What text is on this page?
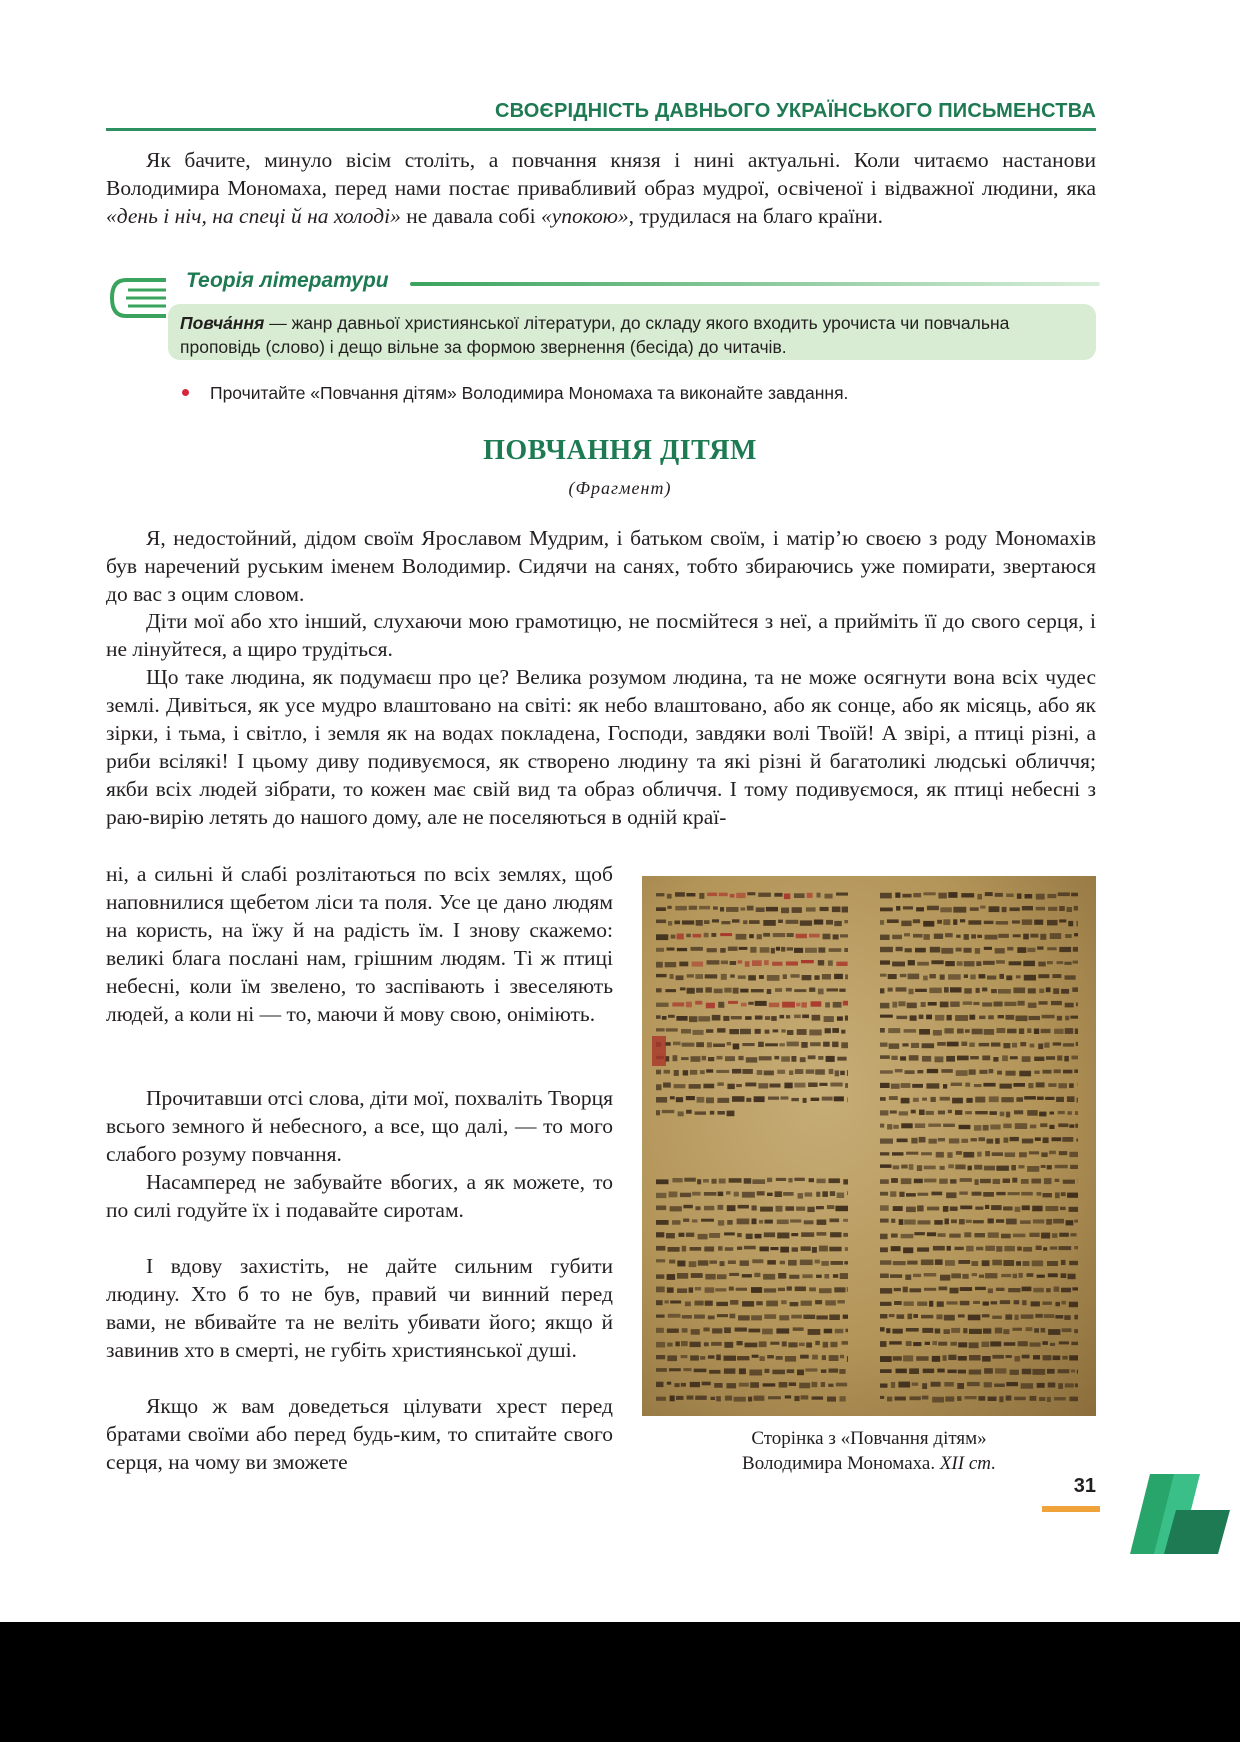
СВОЄРІДНІСТЬ ДАВНЬОГО УКРАЇНСЬКОГО ПИСЬМЕНСТВА

Як бачите, минуло вісім століть, а повчання князя і нині актуальні. Коли читаємо настанови Володимира Мономаха, перед нами постає привабливий образ мудрої, освіченої і відважної людини, яка «день і ніч, на спеці й на холоді» не давала собі «упокою», трудилася на благо країни.

Теорія літератури
Повча́ння — жанр давньої християнської літератури, до складу якого входить урочиста чи повчальна проповідь (слово) і дещо вільне за формою звернення (бесіда) до читачів.
Прочитайте «Повчання дітям» Володимира Мономаха та виконайте завдання.
ПОВЧАННЯ ДІТЯМ
(Фрагмент)

Я, недостойний, дідом своїм Ярославом Мудрим, і батьком своїм, і матір’ю своєю з роду Мономахів був наречений руським іменем Володимир. Сидячи на санях, тобто збираючись уже помирати, звертаюся до вас з оцим словом.

Діти мої або хто інший, слухаючи мою грамотицю, не посмійтеся з неї, а прийміть її до свого серця, і не лінуйтеся, а щиро трудіться.

Що таке людина, як подумаєш про це? Велика розумом людина, та не може осягнути вона всіх чудес землі. Дивіться, як усе мудро влаштовано на світі: як небо влаштовано, або як сонце, або як місяць, або як зірки, і тьма, і світло, і земля як на водах покладена, Господи, завдяки волі Твоїй! А звірі, а птиці різні, а риби всілякі! І цьому диву подивуємося, як створено людину та які різні й багатоликі людські обличчя; якби всіх людей зібрати, то кожен має свій вид та образ обличчя. І тому подивуємося, як птиці небесні з раю-вирію летять до нашого дому, але не поселяються в одній краї-

ні, а сильні й слабі розлітаються по всіх землях, щоб наповнилися щебетом ліси та поля. Усе це дано людям на користь, на їжу й на радість їм. І знову скажемо: великі блага послані нам, грішним людям. Ті ж птиці небесні, коли їм звелено, то заспівають і звеселяють людей, а коли ні — то, маючи й мову свою, оніміють.

Прочитавши отсі слова, діти мої, похваліть Творця всього земного й небесного, а все, що далі, — то мого слабого розуму повчання.

Насамперед не забувайте вбогих, а як можете, то по силі годуйте їх і подавайте сиротам.

І вдову захистіть, не дайте сильним губити людину. Хто б то не був, правий чи винний перед вами, не вбивайте та не веліть убивати його; якщо й завинив хто в смерті, не губіть християнської душі.

Якщо ж вам доведеться цілувати хрест перед братами своїми або перед будь-ким, то спитайте свого серця, на чому ви зможете

Сторінка з «Повчання дітям»
Володимира Мономаха. XII ст.
31
